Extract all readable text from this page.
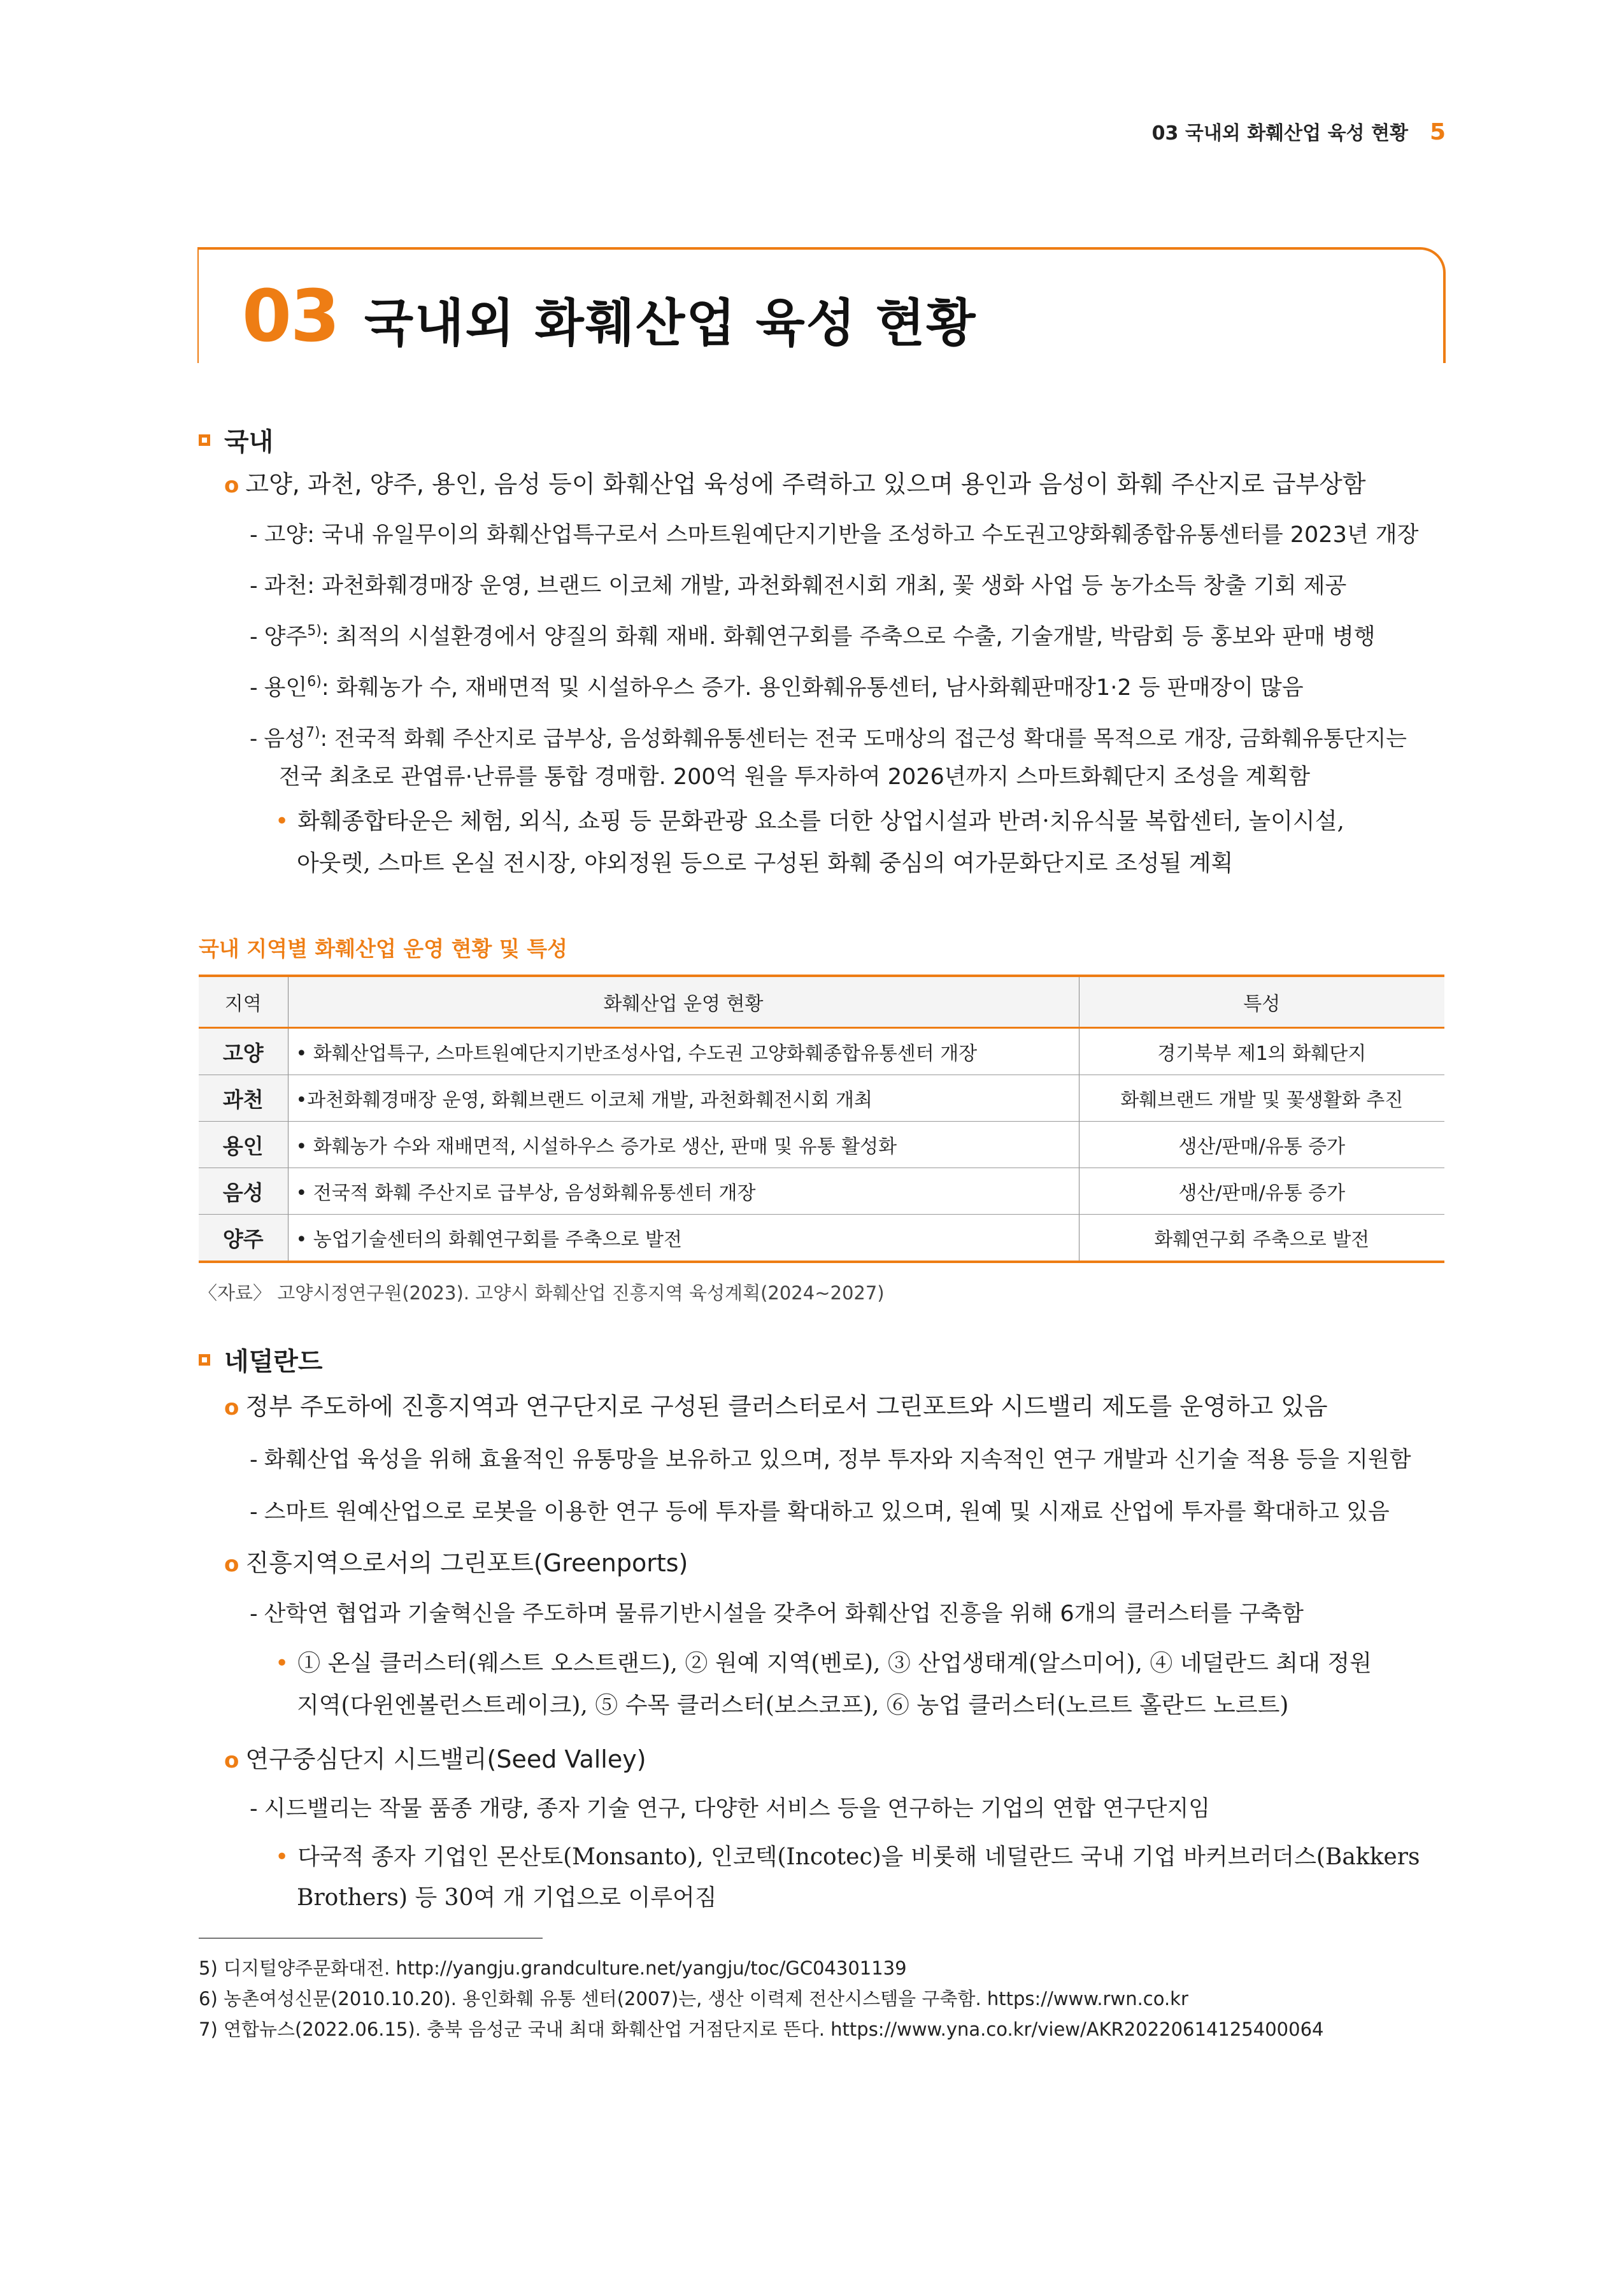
03 국내외 화훼산업 육성 현황 5
03 국내외 화훼산업 육성 현황
국내
o 고양, 과천, 양주, 용인, 음성 등이 화훼산업 육성에 주력하고 있으며 용인과 음성이 화훼 주산지로 급부상함
- 고양: 국내 유일무이의 화훼산업특구로서 스마트원예단지기반을 조성하고 수도권고양화훼종합유통센터를 2023년 개장
- 과천: 과천화훼경매장 운영, 브랜드 이코체 개발, 과천화훼전시회 개최, 꽃 생화 사업 등 농가소득 창출 기회 제공
- 양주$^{5)}$: 최적의 시설환경에서 양질의 화훼 재배. 화훼연구회를 주축으로 수출, 기술개발, 박람회 등 홍보와 판매 병행
- 용인$^{6)}$: 화훼농가 수, 재배면적 및 시설하우스 증가. 용인화훼유통센터, 남사화훼판매장1·2 등 판매장이 많음
- 음성$^{7)}$: 전국적 화훼 주산지로 급부상, 음성화훼유통센터는 전국 도매상의 접근성 확대를 목적으로 개장, 금화훼유통단지는
전국 최초로 관엽류·난류를 통합 경매함. 200억 원을 투자하여 2026년까지 스마트화훼단지 조성을 계획함
• 화훼종합타운은 체험, 외식, 쇼핑 등 문화관광 요소를 더한 상업시설과 반려·치유식물 복합센터, 놀이시설,
아웃렛, 스마트 온실 전시장, 야외정원 등으로 구성된 화훼 중심의 여가문화단지로 조성될 계획
국내 지역별 화훼산업 운영 현황 및 특성
지역	화훼산업 운영 현황	특성
고양	• 화훼산업특구, 스마트원예단지기반조성사업, 수도권 고양화훼종합유통센터 개장	경기북부 제1의 화훼단지
과천	•과천화훼경매장 운영, 화훼브랜드 이코체 개발, 과천화훼전시회 개최	화훼브랜드 개발 및 꽃생활화 추진
용인	• 화훼농가 수와 재배면적, 시설하우스 증가로 생산, 판매 및 유통 활성화	생산/판매/유통 증가
음성	• 전국적 화훼 주산지로 급부상, 음성화훼유통센터 개장	생산/판매/유통 증가
양주	• 농업기술센터의 화훼연구회를 주축으로 발전	화훼연구회 주축으로 발전
〈자료〉 고양시정연구원(2023). 고양시 화훼산업 진흥지역 육성계획(2024~2027)
네덜란드
o 정부 주도하에 진흥지역과 연구단지로 구성된 클러스터로서 그린포트와 시드밸리 제도를 운영하고 있음
- 화훼산업 육성을 위해 효율적인 유통망을 보유하고 있으며, 정부 투자와 지속적인 연구 개발과 신기술 적용 등을 지원함
- 스마트 원예산업으로 로봇을 이용한 연구 등에 투자를 확대하고 있으며, 원예 및 시재료 산업에 투자를 확대하고 있음
o 진흥지역으로서의 그린포트(Greenports)
- 산학연 협업과 기술혁신을 주도하며 물류기반시설을 갖추어 화훼산업 진흥을 위해 6개의 클러스터를 구축함
• ① 온실 클러스터(웨스트 오스트랜드), ② 원예 지역(벤로), ③ 산업생태계(알스미어), ④ 네덜란드 최대 정원
지역(다윈엔볼런스트레이크), ⑤ 수목 클러스터(보스코프), ⑥ 농업 클러스터(노르트 홀란드 노르트)
o 연구중심단지 시드밸리(Seed Valley)
- 시드밸리는 작물 품종 개량, 종자 기술 연구, 다양한 서비스 등을 연구하는 기업의 연합 연구단지임
• 다국적 종자 기업인 몬산토(Monsanto), 인코텍(Incotec)을 비롯해 네덜란드 국내 기업 바커브러더스(Bakkers
Brothers) 등 30여 개 기업으로 이루어짐
5) 디지털양주문화대전. http://yangju.grandculture.net/yangju/toc/GC04301139
6) 농촌여성신문(2010.10.20). 용인화훼 유통 센터(2007)는, 생산 이력제 전산시스템을 구축함. https://www.rwn.co.kr
7) 연합뉴스(2022.06.15). 충북 음성군 국내 최대 화훼산업 거점단지로 뜬다. https://www.yna.co.kr/view/AKR20220614125400064
